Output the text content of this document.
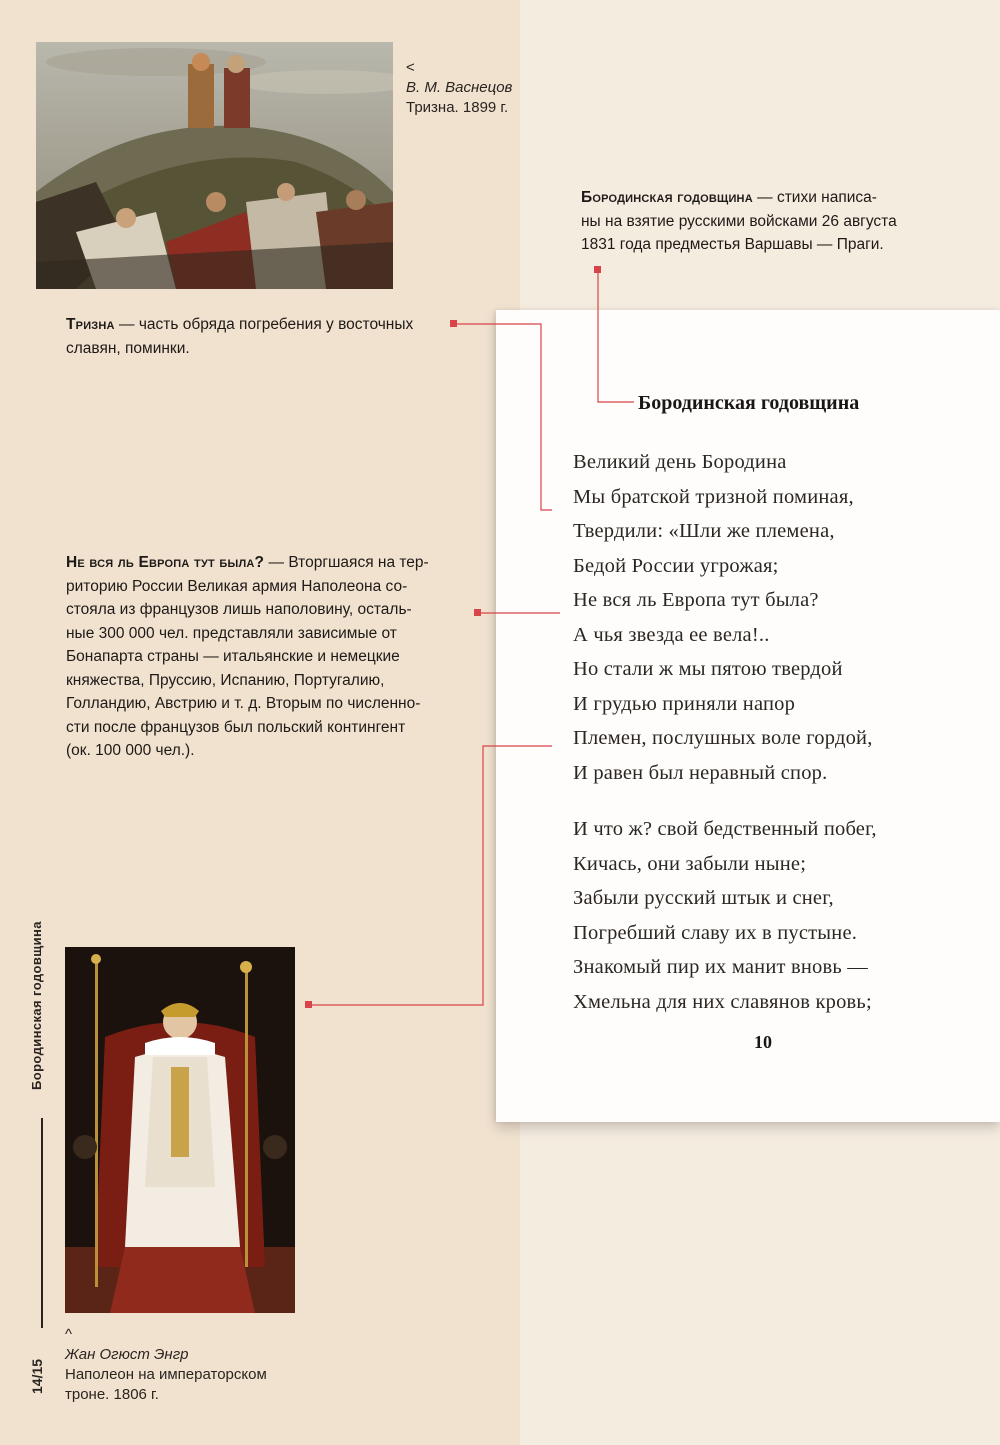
<
В. М. Васнецов
Тризна. 1899 г.
Бородинская годовщина — стихи написа-
ны на взятие русскими войсками 26 августа
1831 года предместья Варшавы — Праги.
Тризна — часть обряда погребения у восточных
славян, поминки.
Не вся ль Европа тут была? — Вторгшаяся на тер-
риторию России Великая армия Наполеона со-
стояла из французов лишь наполовину, осталь-
ные 300 000 чел. представляли зависимые от
Бонапарта страны — итальянские и немецкие
княжества, Пруссию, Испанию, Португалию,
Голландию, Австрию и т. д. Вторым по численно-
сти после французов был польский контингент
(ок. 100 000 чел.).
Бородинская годовщина
Великий день Бородина
Мы братской тризной поминая,
Твердили: «Шли же племена,
Бедой России угрожая;
Не вся ль Европа тут была?
А чья звезда ее вела!..
Но стали ж мы пятою твердой
И грудью приняли напор
Племен, послушных воле гордой,
И равен был неравный спор.
И что ж? свой бедственный побег,
Кичась, они забыли ныне;
Забыли русский штык и снег,
Погребший славу их в пустыне.
Знакомый пир их манит вновь —
Хмельна для них славянов кровь;
10
^
Жан Огюст Энгр
Наполеон на императорском
троне. 1806 г.
Бородинская годовщина
14/15
